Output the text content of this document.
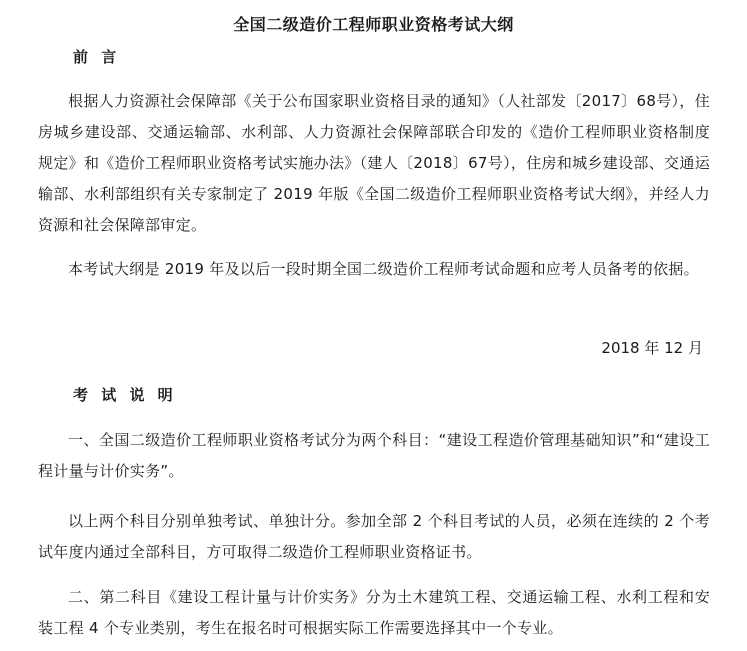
全国二级造价工程师职业资格考试大纲
前 言
根据人力资源社会保障部《关于公布国家职业资格目录的通知》（人社部发〔2017〕68号），住房城乡建设部、交通运输部、水利部、人力资源社会保障部联合印发的《造价工程师职业资格制度规定》和《造价工程师职业资格考试实施办法》（建人〔2018〕67号），住房和城乡建设部、交通运输部、水利部组织有关专家制定了 2019 年版《全国二级造价工程师职业资格考试大纲》，并经人力资源和社会保障部审定。
本考试大纲是 2019 年及以后一段时期全国二级造价工程师考试命题和应考人员备考的依据。
2018 年 12 月
考 试 说 明
一、全国二级造价工程师职业资格考试分为两个科目：“建设工程造价管理基础知识”和“建设工程计量与计价实务”。
以上两个科目分别单独考试、单独计分。参加全部 2 个科目考试的人员，必须在连续的 2 个考试年度内通过全部科目，方可取得二级造价工程师职业资格证书。
二、第二科目《建设工程计量与计价实务》分为土木建筑工程、交通运输工程、水利工程和安装工程 4 个专业类别，考生在报名时可根据实际工作需要选择其中一个专业。
